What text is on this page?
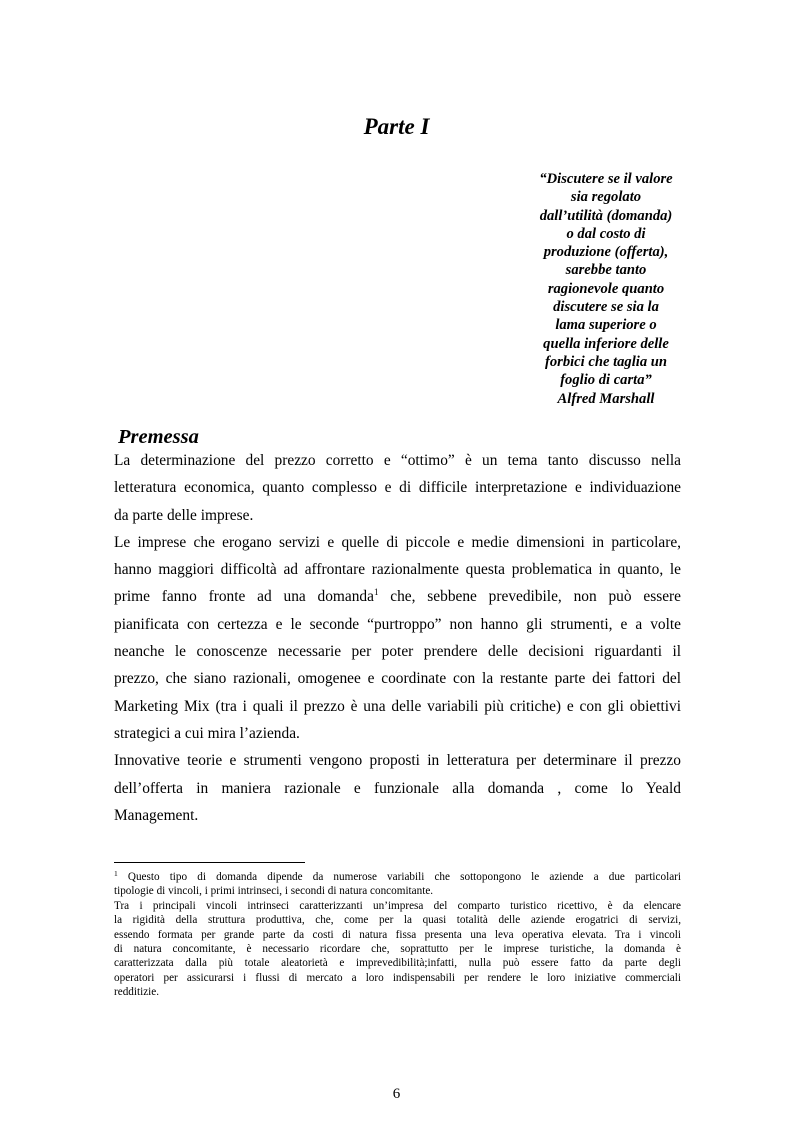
Parte I
“Discutere se il valore
sia regolato
dall’utilità (domanda)
o dal costo di
produzione (offerta),
sarebbe tanto
ragionevole quanto
discutere se sia la
lama superiore o
quella inferiore delle
forbici che taglia un
foglio di carta”
Alfred Marshall
Premessa
La determinazione del prezzo corretto e “ottimo” è un tema tanto discusso nella
letteratura economica, quanto complesso e di difficile interpretazione e individuazione
da parte delle imprese.
Le imprese che erogano servizi e quelle di piccole e medie dimensioni in particolare,
hanno maggiori difficoltà ad affrontare razionalmente questa problematica in quanto, le
prime fanno fronte ad una domanda$^1$ che, sebbene prevedibile, non può essere
pianificata con certezza e le seconde “purtroppo” non hanno gli strumenti, e a volte
neanche le conoscenze necessarie per poter prendere delle decisioni riguardanti il
prezzo, che siano razionali, omogenee e coordinate con la restante parte dei fattori del
Marketing Mix (tra i quali il prezzo è una delle variabili più critiche) e con gli obiettivi
strategici a cui mira l’azienda.
Innovative teorie e strumenti vengono proposti in letteratura per determinare il prezzo
dell’offerta in maniera razionale e funzionale alla domanda , come lo Yeald
Management.
$^1$ Questo tipo di domanda dipende da numerose variabili che sottopongono le aziende a due particolari
tipologie di vincoli, i primi intrinseci, i secondi di natura concomitante.
Tra i principali vincoli intrinseci caratterizzanti un’impresa del comparto turistico ricettivo, è da elencare
la rigidità della struttura produttiva, che, come per la quasi totalità delle aziende erogatrici di servizi,
essendo formata per grande parte da costi di natura fissa presenta una leva operativa elevata. Tra i vincoli
di natura concomitante, è necessario ricordare che, soprattutto per le imprese turistiche, la domanda è
caratterizzata dalla più totale aleatorietà e imprevedibilità;infatti, nulla può essere fatto da parte degli
operatori per assicurarsi i flussi di mercato a loro indispensabili per rendere le loro iniziative commerciali
redditizie.
6
